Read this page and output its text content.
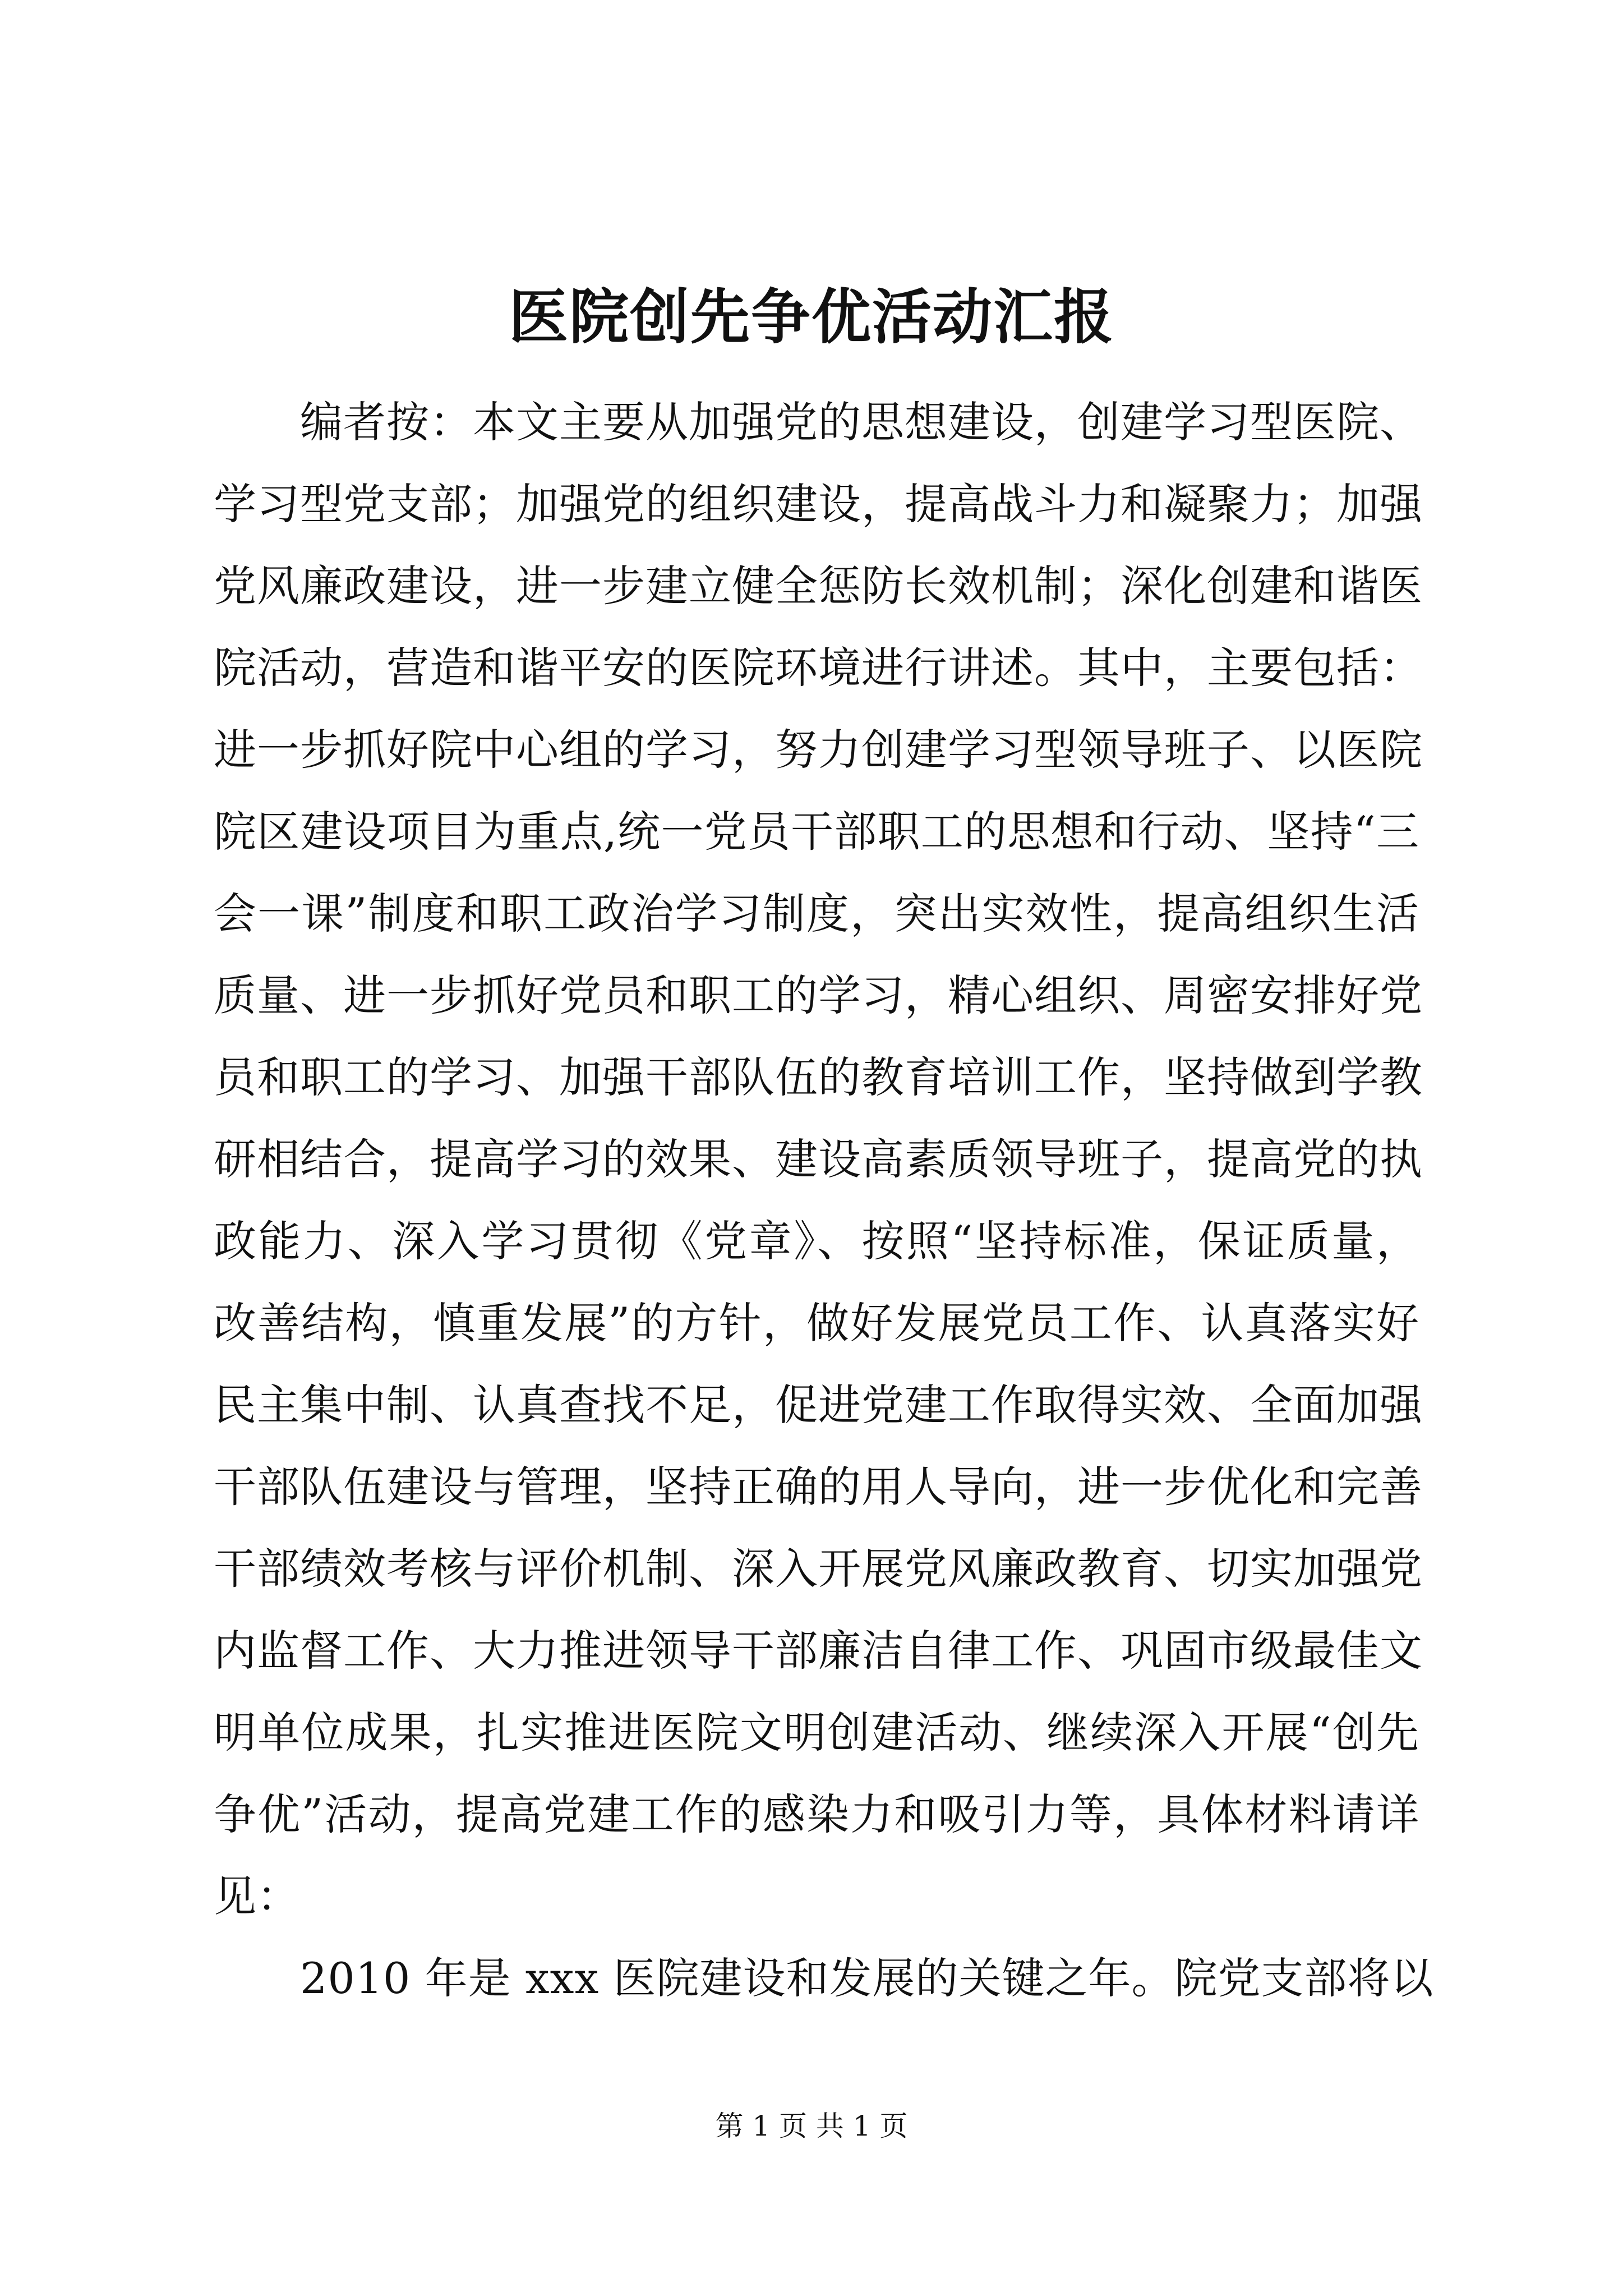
医院创先争优活动汇报
　　编者按：本文主要从加强党的思想建设，创建学习型医院、
学习型党支部；加强党的组织建设，提高战斗力和凝聚力；加强
党风廉政建设，进一步建立健全惩防长效机制；深化创建和谐医
院活动，营造和谐平安的医院环境进行讲述。其中，主要包括：
进一步抓好院中心组的学习，努力创建学习型领导班子、以医院
院区建设项目为重点,统一党员干部职工的思想和行动、坚持“三
会一课”制度和职工政治学习制度，突出实效性，提高组织生活
质量、进一步抓好党员和职工的学习，精心组织、周密安排好党
员和职工的学习、加强干部队伍的教育培训工作，坚持做到学教
研相结合，提高学习的效果、建设高素质领导班子，提高党的执
政能力、深入学习贯彻《党章》、按照“坚持标准，保证质量，
改善结构，慎重发展”的方针，做好发展党员工作、认真落实好
民主集中制、认真查找不足，促进党建工作取得实效、全面加强
干部队伍建设与管理，坚持正确的用人导向，进一步优化和完善
干部绩效考核与评价机制、深入开展党风廉政教育、切实加强党
内监督工作、大力推进领导干部廉洁自律工作、巩固市级最佳文
明单位成果，扎实推进医院文明创建活动、继续深入开展“创先
争优”活动，提高党建工作的感染力和吸引力等，具体材料请详
见：
　　2010 年是 xxx 医院建设和发展的关键之年。院党支部将以
第 1 页 共 1 页
